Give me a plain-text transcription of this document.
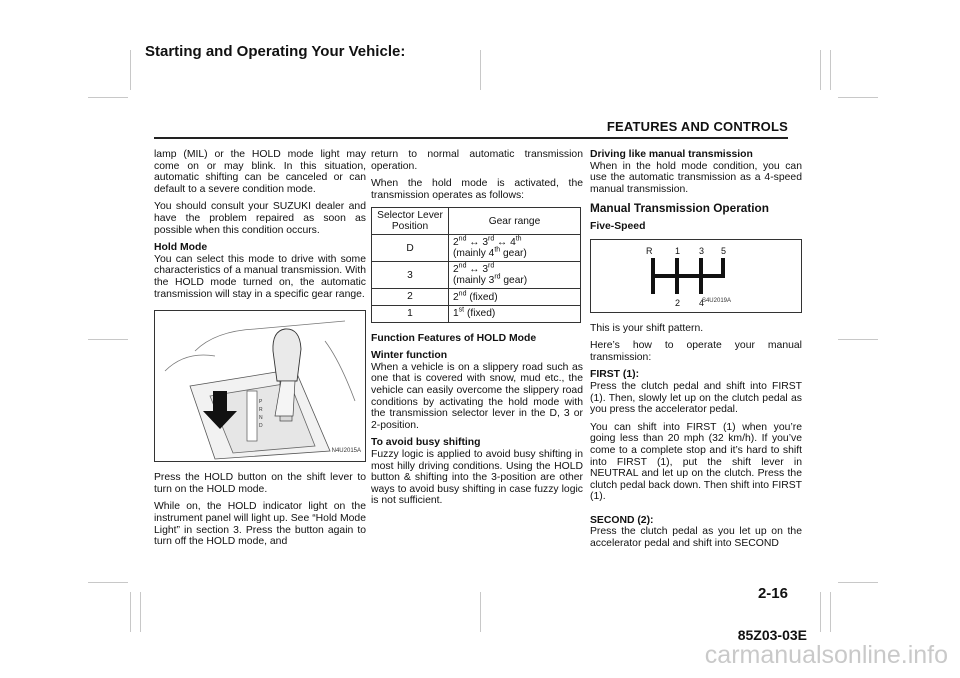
Starting and Operating Your Vehicle:
FEATURES AND CONTROLS

lamp (MIL) or the HOLD mode light may come on or may blink. In this situation, automatic shifting can be canceled or can default to a severe condition mode.

You should consult your SUZUKI dealer and have the problem repaired as soon as possible when this condition occurs.

Hold Mode
You can select this mode to drive with some characteristics of a manual transmission. With the HOLD mode turned on, the automatic transmission will stay in a specific gear range.

P
R
N
D
N4U2015A

Press the HOLD button on the shift lever to turn on the HOLD mode.

While on, the HOLD indicator light on the instrument panel will light up. See “Hold Mode Light” in section 3. Press the button again to turn off the HOLD mode, and

return to normal automatic transmission operation.

When the hold mode is activated, the transmission operates as follows:

Selector Lever Position	Gear range
D	2nd ↔ 3rd ↔ 4th
(mainly 4th gear)
3	2nd ↔ 3rd
(mainly 3rd gear)
2	2nd (fixed)
1	1st (fixed)

Function Features of HOLD Mode

Winter function
When a vehicle is on a slippery road such as one that is covered with snow, mud etc., the vehicle can easily overcome the slippery road conditions by activating the hold mode with the transmission selector lever in the D, 3 or 2-position.

To avoid busy shifting
Fuzzy logic is applied to avoid busy shifting in most hilly driving conditions. Using the HOLD button & shifting into the 3-position are other ways to avoid busy shifting in case fuzzy logic is not sufficient.

Driving like manual transmission
When in the hold mode condition, you can use the automatic transmission as a 4-speed manual transmission.

Manual Transmission Operation

Five-Speed

R	1 3 5
2 4
S4U2019A

This is your shift pattern.

Here’s how to operate your manual transmission:

FIRST (1):
Press the clutch pedal and shift into FIRST (1). Then, slowly let up on the clutch pedal as you press the accelerator pedal.

You can shift into FIRST (1) when you’re going less than 20 mph (32 km/h). If you’ve come to a complete stop and it’s hard to shift into FIRST (1), put the shift lever in NEUTRAL and let up on the clutch. Press the clutch pedal back down. Then shift into FIRST (1).

SECOND (2):
Press the clutch pedal as you let up on the accelerator pedal and shift into SECOND

2-16
85Z03-03E
carmanualsonline.info
